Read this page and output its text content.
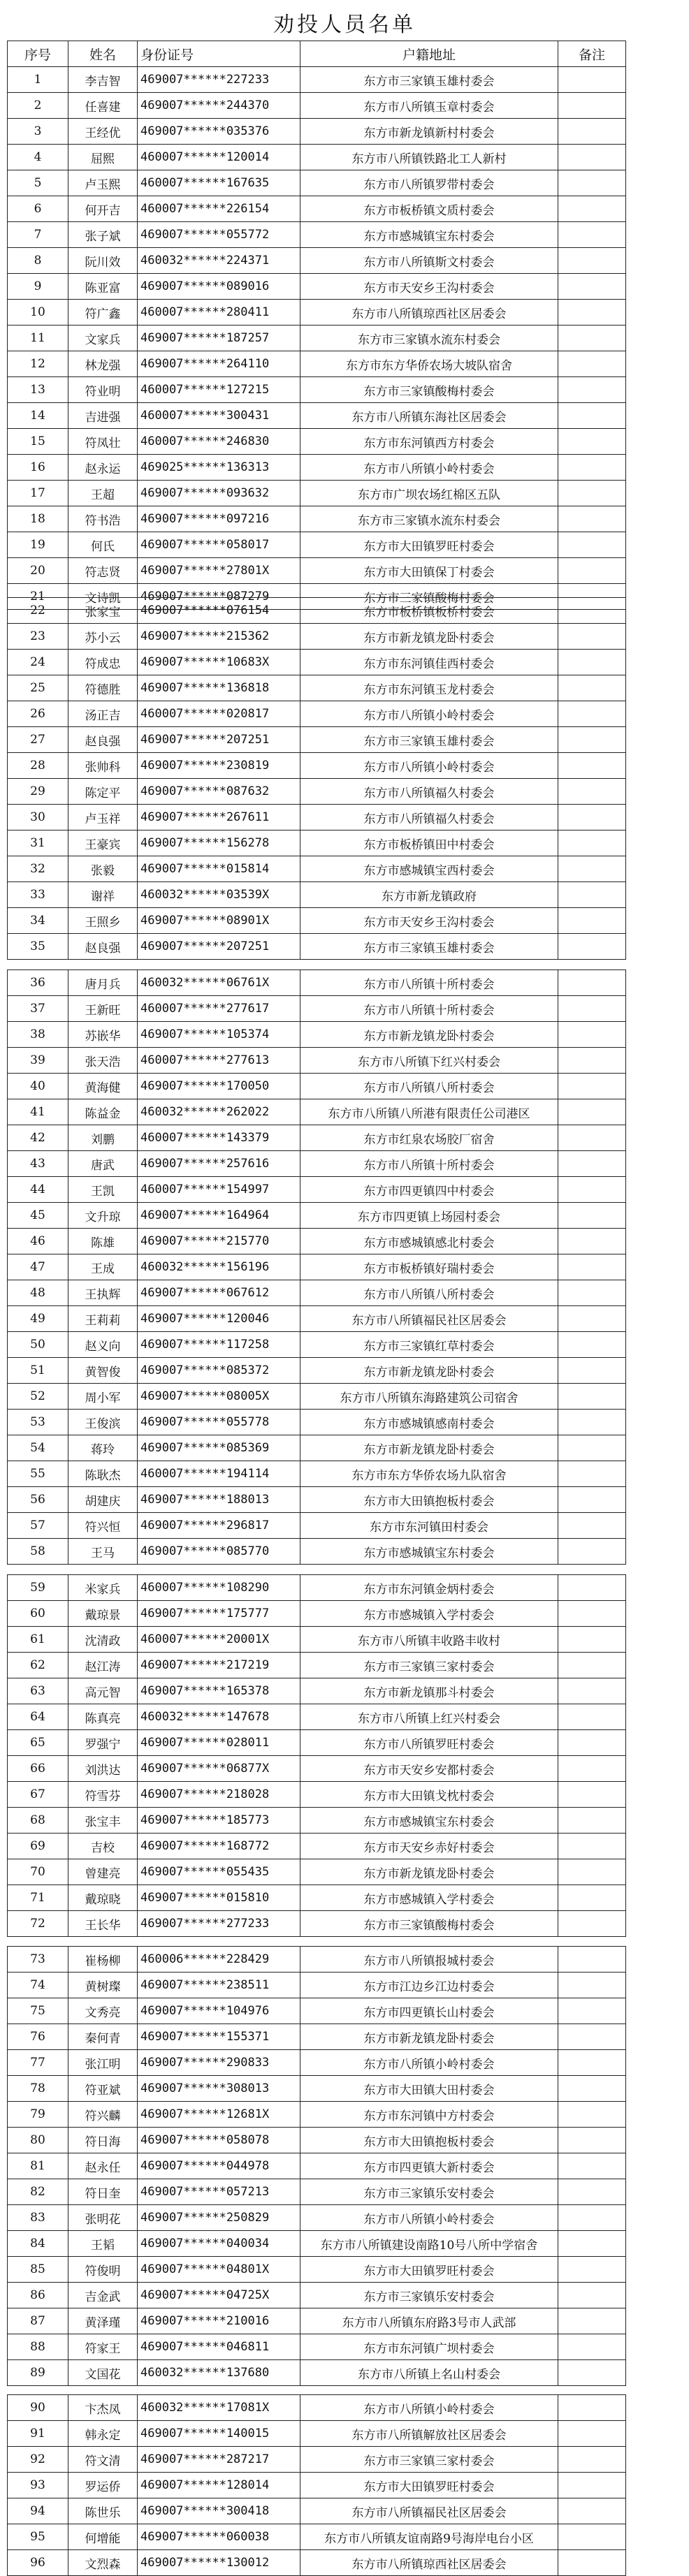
劝投人员名单
序号	姓名	身份证号	户籍地址	备注
1	李吉智	469007******227233	东方市三家镇玉雄村委会	
2	任喜建	469007******244370	东方市八所镇玉章村委会	
3	王经优	469007******035376	东方市新龙镇新村村委会	
4	屈熙	460007******120014	东方市八所镇铁路北工人新村	
5	卢玉熙	460007******167635	东方市八所镇罗带村委会	
6	何开吉	460007******226154	东方市板桥镇文质村委会	
7	张子斌	469007******055772	东方市感城镇宝东村委会	
8	阮川效	460032******224371	东方市八所镇斯文村委会	
9	陈亚富	469007******089016	东方市天安乡王沟村委会	
10	符广鑫	460007******280411	东方市八所镇琼西社区居委会	
11	文家兵	469007******187257	东方市三家镇水流东村委会	
12	林龙强	469007******264110	东方市东方华侨农场大坡队宿舍	
13	符业明	460007******127215	东方市三家镇酸梅村委会	
14	吉进强	460007******300431	东方市八所镇东海社区居委会	
15	符凤壮	460007******246830	东方市东河镇西方村委会	
16	赵永运	469025******136313	东方市八所镇小岭村委会	
17	王超	469007******093632	东方市广坝农场红棉区五队	
18	符书浩	469007******097216	东方市三家镇水流东村委会	
19	何氏	469007******058017	东方市大田镇罗旺村委会	
20	符志贤	469007******27801X	东方市大田镇保丁村委会	
21	文诗凯	469007******087279	东方市三家镇酸梅村委会	
22	张家宝	469007******076154	东方市板桥镇板桥村委会	
23	苏小云	469007******215362	东方市新龙镇龙卧村委会	
24	符成忠	469007******10683X	东方市东河镇佳西村委会	
25	符德胜	469007******136818	东方市东河镇玉龙村委会	
26	汤正吉	460007******020817	东方市八所镇小岭村委会	
27	赵良强	469007******207251	东方市三家镇玉雄村委会	
28	张帅科	469007******230819	东方市八所镇小岭村委会	
29	陈定平	469007******087632	东方市八所镇福久村委会	
30	卢玉祥	469007******267611	东方市八所镇福久村委会	
31	王豪宾	469007******156278	东方市板桥镇田中村委会	
32	张毅	469007******015814	东方市感城镇宝西村委会	
33	谢祥	460032******03539X	东方市新龙镇政府	
34	王照乡	469007******08901X	东方市天安乡王沟村委会	
35	赵良强	469007******207251	东方市三家镇玉雄村委会	
36	唐月兵	460032******06761X	东方市八所镇十所村委会	
37	王新旺	460007******277617	东方市八所镇十所村委会	
38	苏嵌华	469007******105374	东方市新龙镇龙卧村委会	
39	张天浩	460007******277613	东方市八所镇下红兴村委会	
40	黄海健	469007******170050	东方市八所镇八所村委会	
41	陈益金	460032******262022	东方市八所镇八所港有限责任公司港区	
42	刘鹏	460007******143379	东方市红泉农场胶厂宿舍	
43	唐武	469007******257616	东方市八所镇十所村委会	
44	王凯	460007******154997	东方市四更镇四中村委会	
45	文升琼	469007******164964	东方市四更镇上场园村委会	
46	陈雄	469007******215770	东方市感城镇感北村委会	
47	王成	460032******156196	东方市板桥镇好瑞村委会	
48	王执辉	469007******067612	东方市八所镇八所村委会	
49	王莉莉	469007******120046	东方市八所镇福民社区居委会	
50	赵义向	469007******117258	东方市三家镇红草村委会	
51	黄智俊	469007******085372	东方市新龙镇龙卧村委会	
52	周小军	469007******08005X	东方市八所镇东海路建筑公司宿舍	
53	王俊滨	469007******055778	东方市感城镇感南村委会	
54	蒋玲	469007******085369	东方市新龙镇龙卧村委会	
55	陈耿杰	460007******194114	东方市东方华侨农场九队宿舍	
56	胡建庆	469007******188013	东方市大田镇抱板村委会	
57	符兴恒	469007******296817	东方市东河镇田村委会	
58	王马	469007******085770	东方市感城镇宝东村委会	
59	米家兵	460007******108290	东方市东河镇金炳村委会	
60	戴琼景	469007******175777	东方市感城镇入学村委会	
61	沈清政	460007******20001X	东方市八所镇丰收路丰收村	
62	赵江涛	469007******217219	东方市三家镇三家村委会	
63	高元智	469007******165378	东方市新龙镇那斗村委会	
64	陈真亮	460032******147678	东方市八所镇上红兴村委会	
65	罗强宁	469007******028011	东方市八所镇罗旺村委会	
66	刘洪达	469007******06877X	东方市天安乡安都村委会	
67	符雪芬	469007******218028	东方市大田镇戈枕村委会	
68	张宝丰	469007******185773	东方市感城镇宝东村委会	
69	吉校	469007******168772	东方市天安乡赤好村委会	
70	曾建亮	469007******055435	东方市新龙镇龙卧村委会	
71	戴琼晓	469007******015810	东方市感城镇入学村委会	
72	王长华	469007******277233	东方市三家镇酸梅村委会	
73	崔杨柳	460006******228429	东方市八所镇报城村委会	
74	黄树璨	469007******238511	东方市江边乡江边村委会	
75	文秀亮	469007******104976	东方市四更镇长山村委会	
76	秦何青	469007******155371	东方市新龙镇龙卧村委会	
77	张江明	469007******290833	东方市八所镇小岭村委会	
78	符亚斌	469007******308013	东方市大田镇大田村委会	
79	符兴麟	469007******12681X	东方市东河镇中方村委会	
80	符日海	469007******058078	东方市大田镇抱板村委会	
81	赵永任	469007******044978	东方市四更镇大新村委会	
82	符日奎	469007******057213	东方市三家镇乐安村委会	
83	张明花	469007******250829	东方市八所镇小岭村委会	
84	王韬	469007******040034	东方市八所镇建设南路10号八所中学宿舍	
85	符俊明	469007******04801X	东方市大田镇罗旺村委会	
86	吉金武	469007******04725X	东方市三家镇乐安村委会	
87	黄泽瑾	469007******210016	东方市八所镇东府路3号市人武部	
88	符家王	469007******046811	东方市东河镇广坝村委会	
89	文国花	460032******137680	东方市八所镇上名山村委会	
90	卞杰凤	460032******17081X	东方市八所镇小岭村委会	
91	韩永定	469007******140015	东方市八所镇解放社区居委会	
92	符文清	469007******287217	东方市三家镇三家村委会	
93	罗运侨	469007******128014	东方市大田镇罗旺村委会	
94	陈世乐	469007******300418	东方市八所镇福民社区居委会	
95	何增能	469007******060038	东方市八所镇友谊南路9号海岸电台小区	
96	文烈森	469007******130012	东方市八所镇琼西社区居委会	
